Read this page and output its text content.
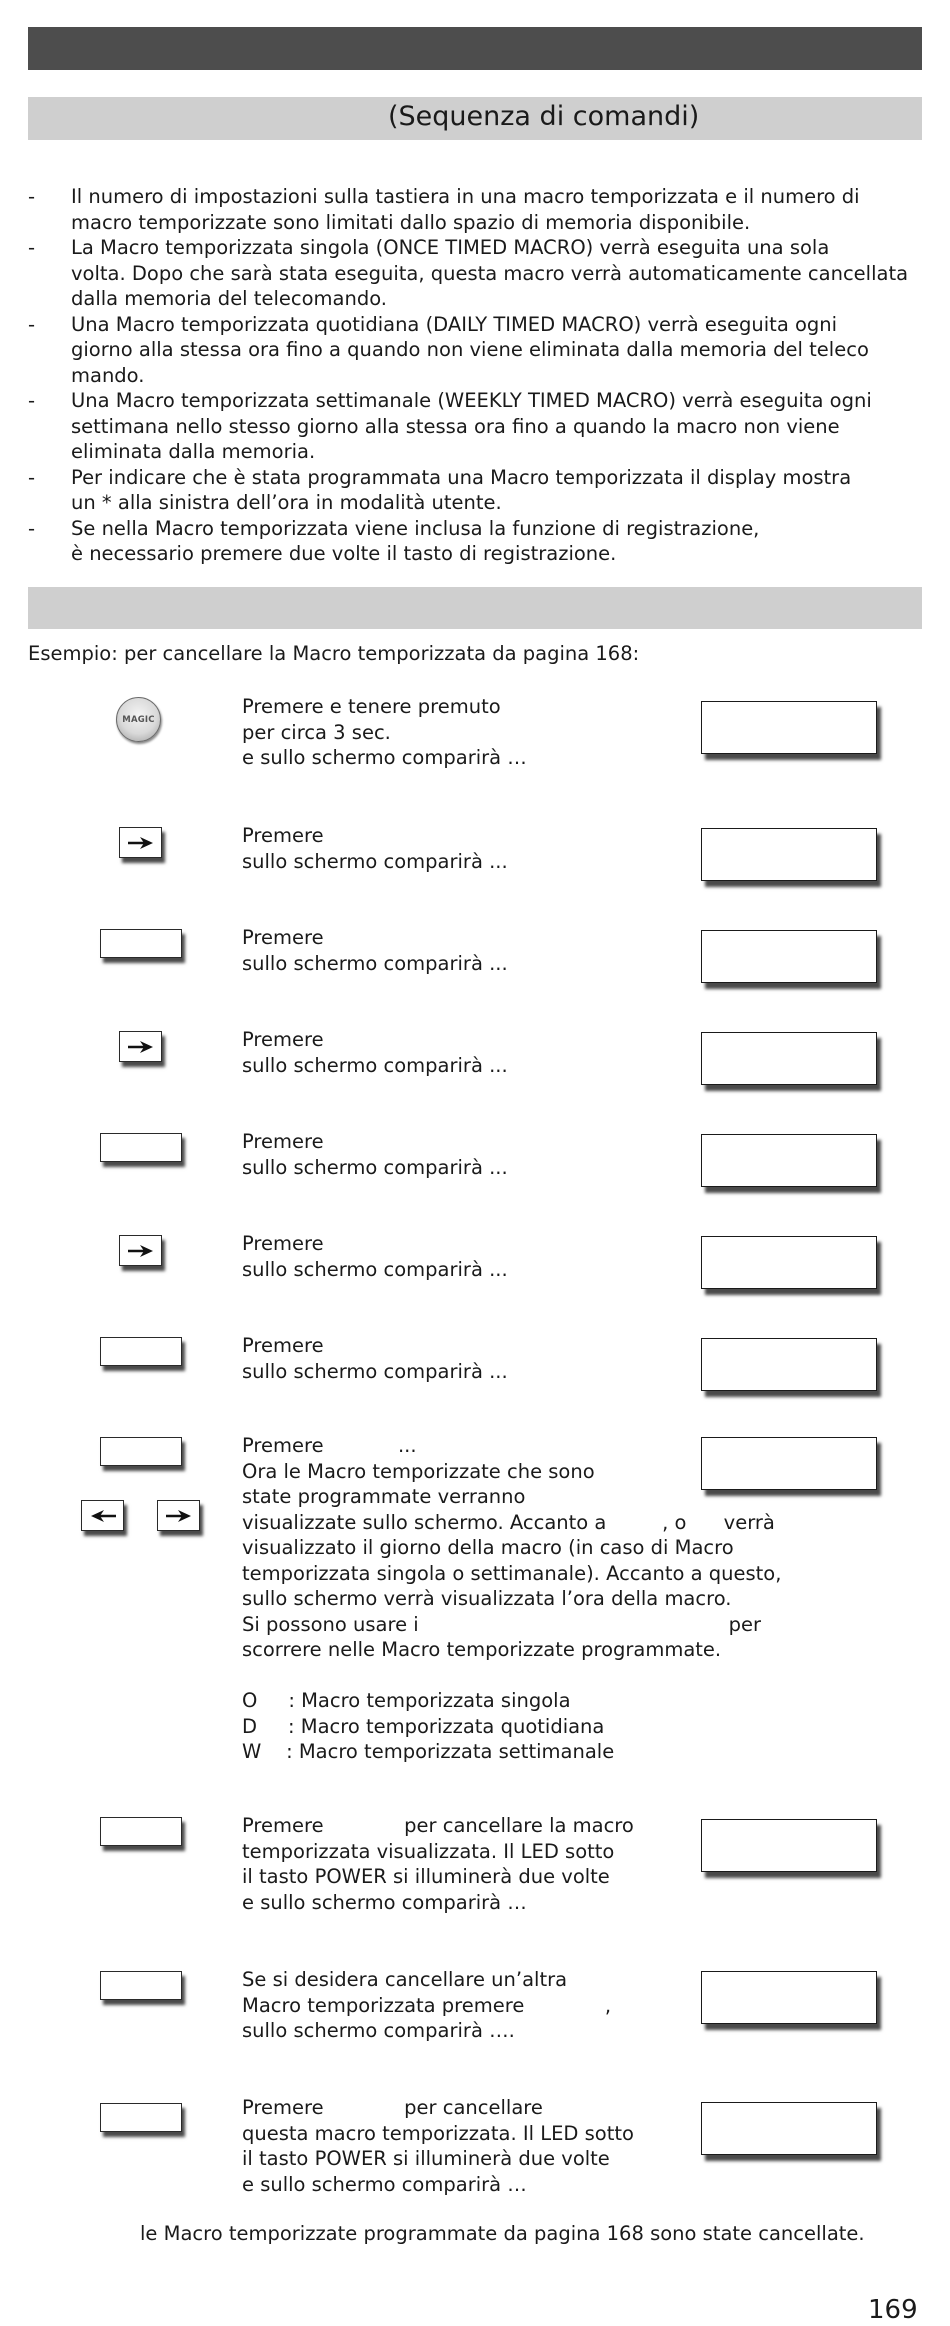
(Sequenza di comandi)
- Il numero di impostazioni sulla tastiera in una macro temporizzata e il numero di
macro temporizzate sono limitati dallo spazio di memoria disponibile.
- La Macro temporizzata singola (ONCE TIMED MACRO) verrà eseguita una sola
volta. Dopo che sarà stata eseguita, questa macro verrà automaticamente cancellata
dalla memoria del telecomando.
- Una Macro temporizzata quotidiana (DAILY TIMED MACRO) verrà eseguita ogni
giorno alla stessa ora fino a quando non viene eliminata dalla memoria del teleco
mando.
- Una Macro temporizzata settimanale (WEEKLY TIMED MACRO) verrà eseguita ogni
settimana nello stesso giorno alla stessa ora fino a quando la macro non viene
eliminata dalla memoria.
- Per indicare che è stata programmata una Macro temporizzata il display mostra
un * alla sinistra dell’ora in modalità utente.
- Se nella Macro temporizzata viene inclusa la funzione di registrazione,
è necessario premere due volte il tasto di registrazione.
Esempio: per cancellare la Macro temporizzata da pagina 168:
MAGIC
Premere e tenere premuto
per circa 3 sec.
e sullo schermo comparirà …
Premere
sullo schermo comparirà ...
Premere
sullo schermo comparirà ...
Premere
sullo schermo comparirà ...
Premere
sullo schermo comparirà ...
Premere
sullo schermo comparirà ...
Premere
sullo schermo comparirà ...
Premere            ...
Ora le Macro temporizzate che sono
state programmate verranno
visualizzate sullo schermo. Accanto a         , o      verrà
visualizzato il giorno della macro (in caso di Macro
temporizzata singola o settimanale). Accanto a questo,
sullo schermo verrà visualizzata l’ora della macro.
Si possono usare i                                                  per
scorrere nelle Macro temporizzate programmate.

O     : Macro temporizzata singola
D     : Macro temporizzata quotidiana
W    : Macro temporizzata settimanale
Premere             per cancellare la macro
temporizzata visualizzata. Il LED sotto
il tasto POWER si illuminerà due volte
e sullo schermo comparirà …
Se si desidera cancellare un’altra
Macro temporizzata premere             ,
sullo schermo comparirà ….
Premere             per cancellare
questa macro temporizzata. Il LED sotto
il tasto POWER si illuminerà due volte
e sullo schermo comparirà …
le Macro temporizzate programmate da pagina 168 sono state cancellate.
169
